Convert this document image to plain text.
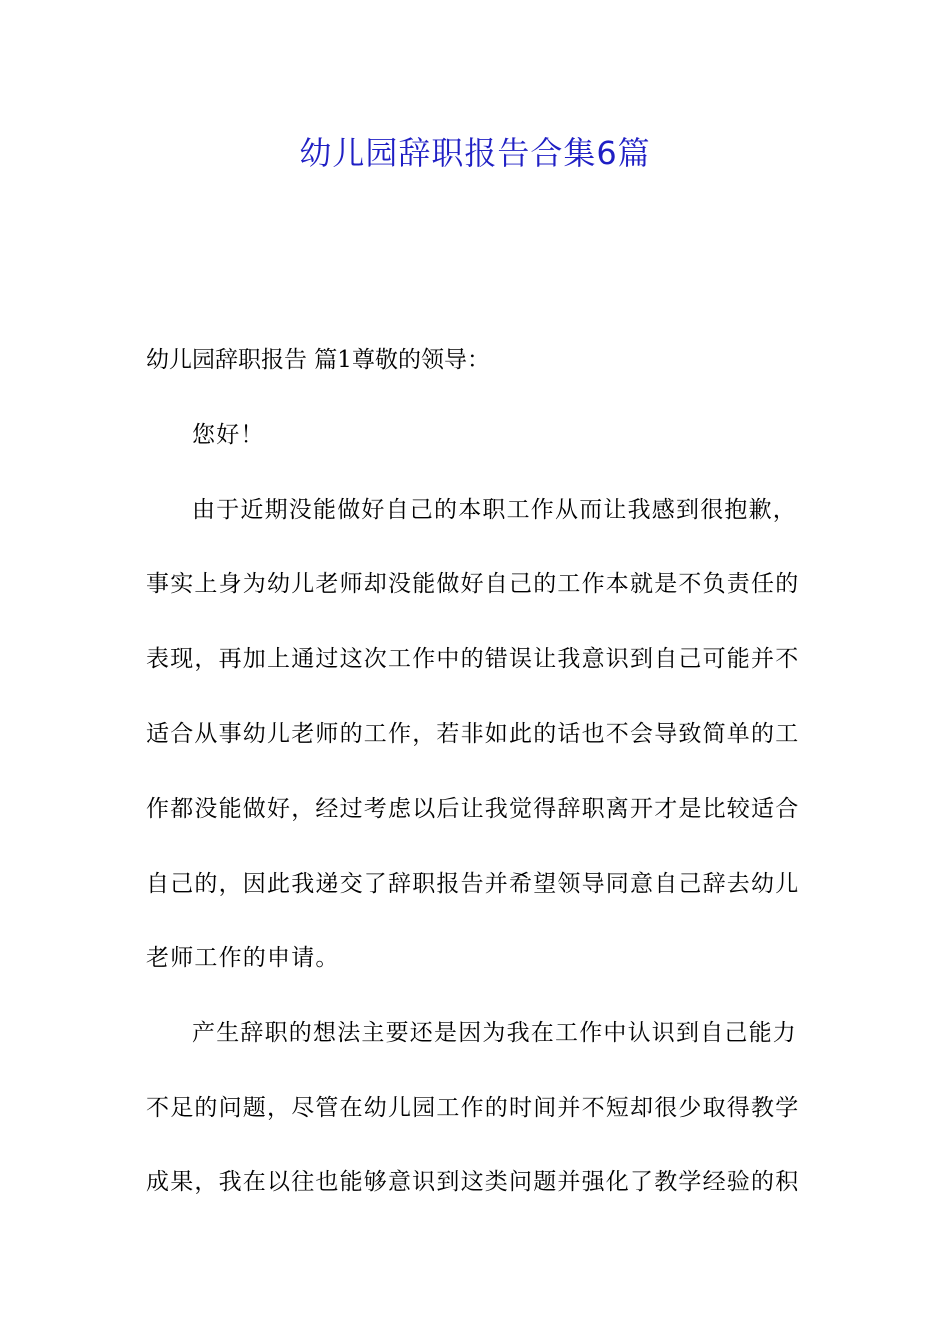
幼儿园辞职报告合集6篇
幼儿园辞职报告 篇1尊敬的领导：
您好！
由于近期没能做好自己的本职工作从而让我感到很抱歉，
事实上身为幼儿老师却没能做好自己的工作本就是不负责任的
表现，再加上通过这次工作中的错误让我意识到自己可能并不
适合从事幼儿老师的工作，若非如此的话也不会导致简单的工
作都没能做好，经过考虑以后让我觉得辞职离开才是比较适合
自己的，因此我递交了辞职报告并希望领导同意自己辞去幼儿
老师工作的申请。
产生辞职的想法主要还是因为我在工作中认识到自己能力
不足的问题，尽管在幼儿园工作的时间并不短却很少取得教学
成果，我在以往也能够意识到这类问题并强化了教学经验的积
